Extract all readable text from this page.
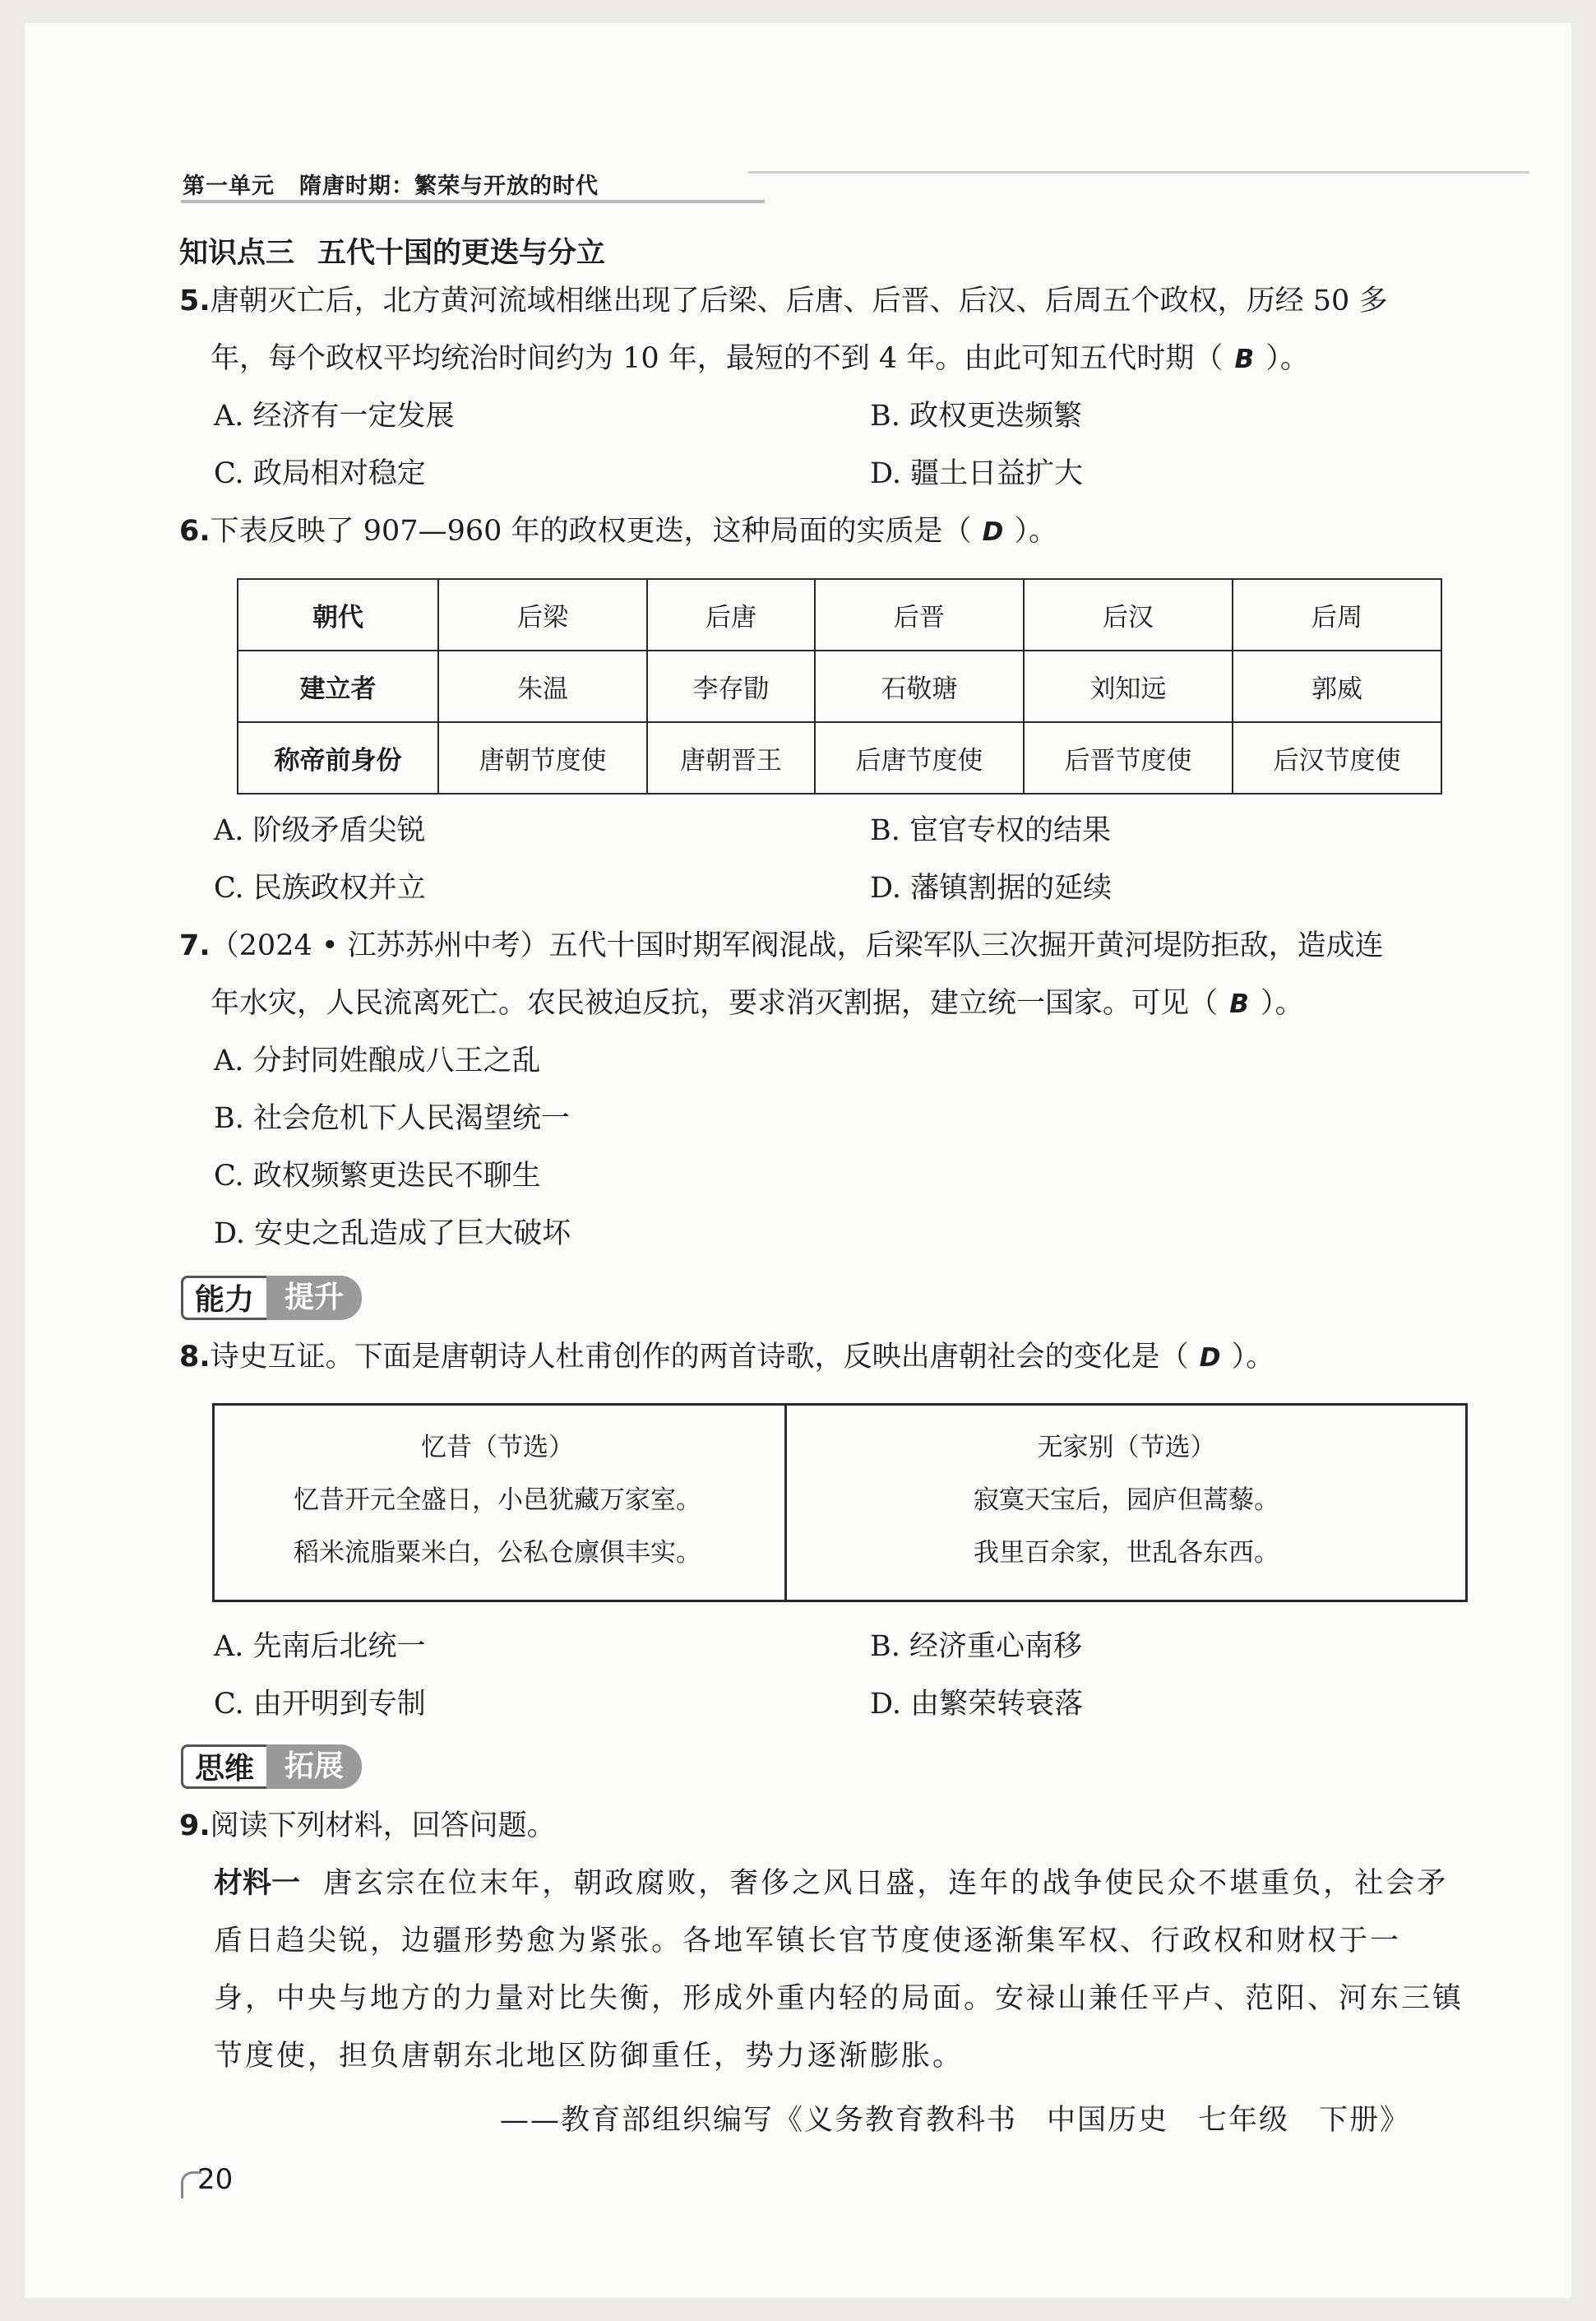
第一单元 隋唐时期：繁荣与开放的时代
知识点三 五代十国的更迭与分立
5.唐朝灭亡后，北方黄河流域相继出现了后梁、后唐、后晋、后汉、后周五个政权，历经 50 多
年，每个政权平均统治时间约为 10 年，最短的不到 4 年。由此可知五代时期（ B ）。
A. 经济有一定发展	B. 政权更迭频繁
C. 政局相对稳定	D. 疆土日益扩大
6.下表反映了 907—960 年的政权更迭，这种局面的实质是（ D ）。
朝代	后梁	后唐	后晋	后汉	后周
建立者	朱温	李存勖	石敬瑭	刘知远	郭威
称帝前身份	唐朝节度使	唐朝晋王	后唐节度使	后晋节度使	后汉节度使
A. 阶级矛盾尖锐	B. 宦官专权的结果
C. 民族政权并立	D. 藩镇割据的延续
7.（2024 • 江苏苏州中考）五代十国时期军阀混战，后梁军队三次掘开黄河堤防拒敌，造成连
年水灾，人民流离死亡。农民被迫反抗，要求消灭割据，建立统一国家。可见（ B ）。
A. 分封同姓酿成八王之乱
B. 社会危机下人民渴望统一
C. 政权频繁更迭民不聊生
D. 安史之乱造成了巨大破坏
能力	提升
8.诗史互证。下面是唐朝诗人杜甫创作的两首诗歌，反映出唐朝社会的变化是（ D ）。
忆昔（节选）
忆昔开元全盛日，小邑犹藏万家室。
稻米流脂粟米白，公私仓廪俱丰实。
无家别（节选）
寂寞天宝后，园庐但蒿藜。
我里百余家，世乱各东西。
A. 先南后北统一	B. 经济重心南移
C. 由开明到专制	D. 由繁荣转衰落
思维	拓展
9.阅读下列材料，回答问题。
材料一 唐玄宗在位末年，朝政腐败，奢侈之风日盛，连年的战争使民众不堪重负，社会矛
盾日趋尖锐，边疆形势愈为紧张。各地军镇长官节度使逐渐集军权、行政权和财权于一
身，中央与地方的力量对比失衡，形成外重内轻的局面。安禄山兼任平卢、范阳、河东三镇
节度使，担负唐朝东北地区防御重任，势力逐渐膨胀。
——教育部组织编写《义务教育教科书 中国历史 七年级 下册》
20
